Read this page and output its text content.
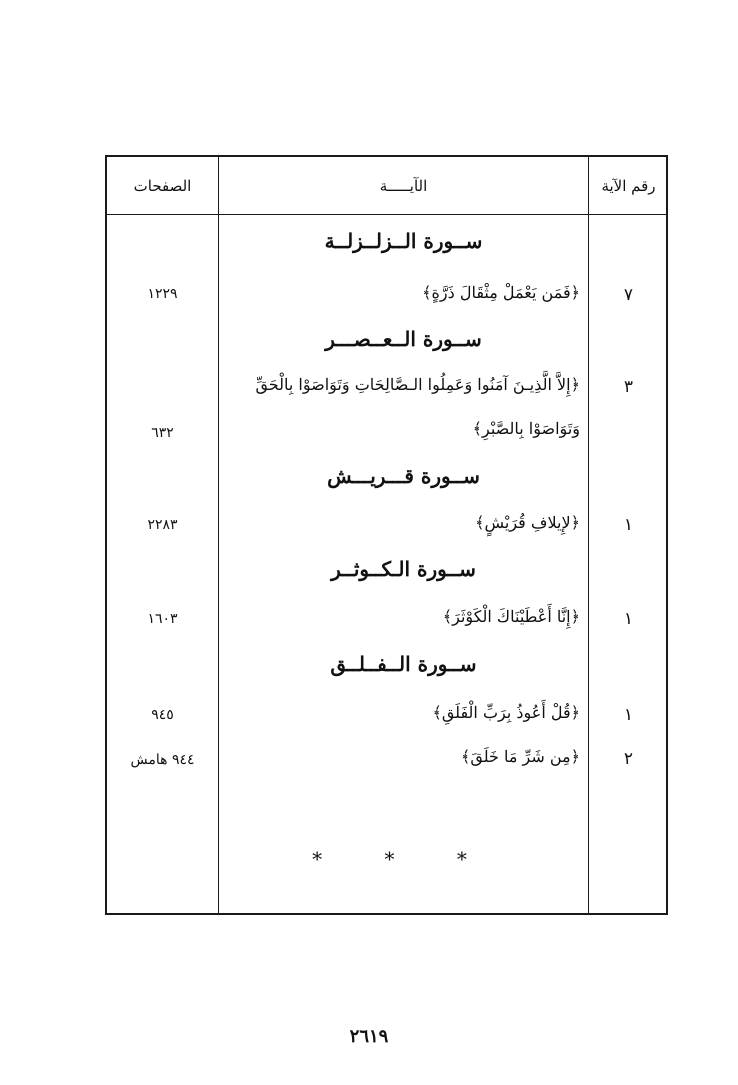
الصفحات	الآيـــــة	رقم الآية
ســورة الــزلــزلــة
٧
﴿فَمَن يَعْمَلْ مِثْقَالَ ذَرَّةٍ﴾
١٢٢٩
ســورة الــعــصـــر
٣
﴿إِلاَّ الَّذِيـنَ آمَنُوا وَعَمِلُوا الـصَّالِحَاتِ وَتَوَاصَوْا بِالْحَقِّ
وَتَوَاصَوْا بِالصَّبْرِ﴾
٦٣٢
ســورة قـــريـــش
١
﴿لإِيلافِ قُرَيْشٍ﴾
٢٢٨٣
ســورة الـكــوثــر
١
﴿إِنَّا أَعْطَيْنَاكَ الْكَوْثَرَ﴾
١٦٠٣
ســورة الــفــلــق
١
﴿قُلْ أَعُوذُ بِرَبِّ الْفَلَقِ﴾
٩٤٥
٢
﴿مِن شَرِّ مَا خَلَقَ﴾
٩٤٤ هامش
* * *
٢٦١٩
